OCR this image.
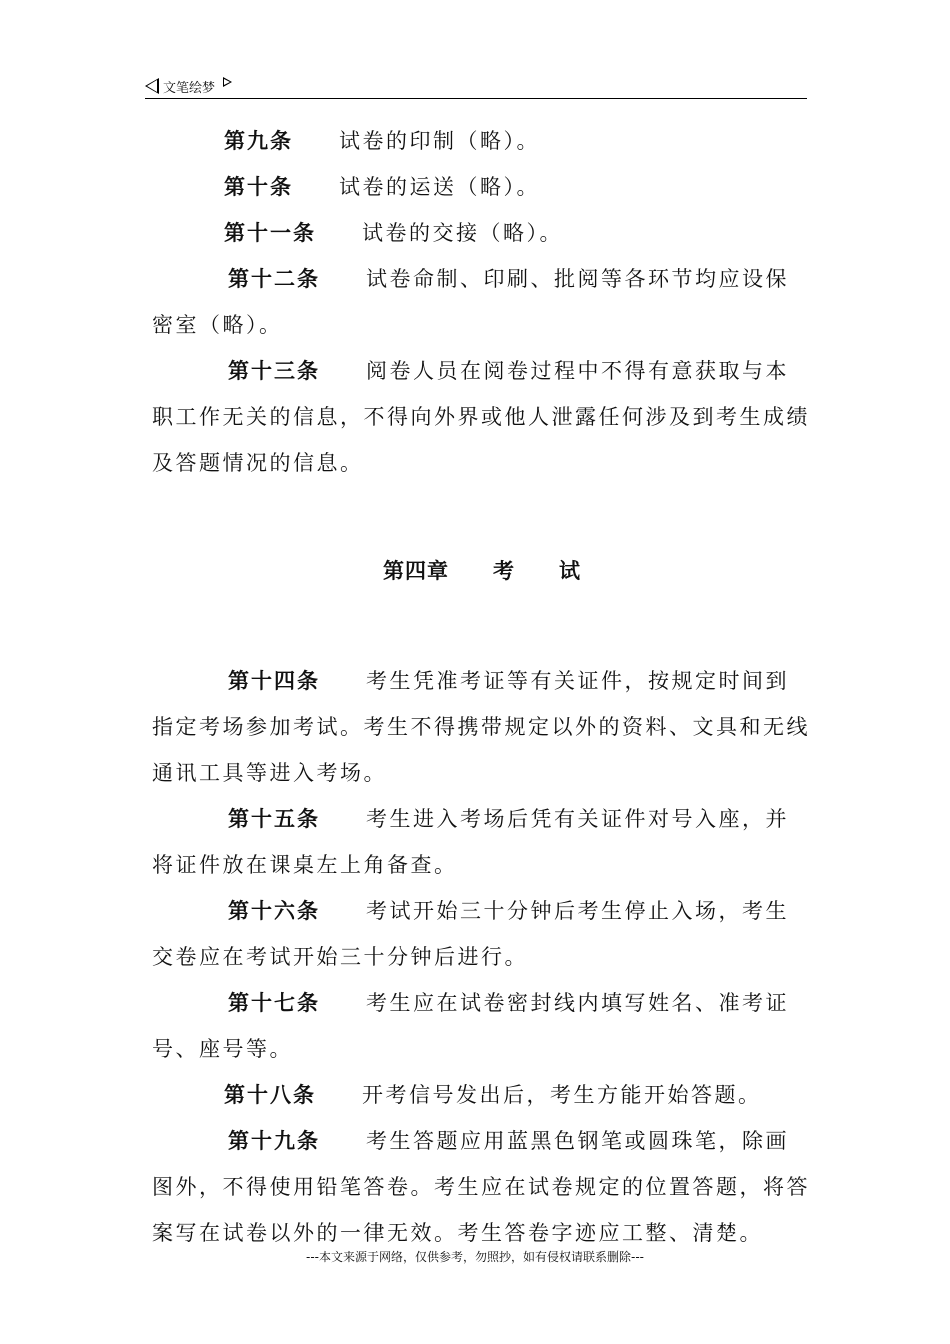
文笔绘梦

第九条 试卷的印制（略）。

第十条 试卷的运送（略）。

第十一条 试卷的交接（略）。

第十二条 试卷命制、印刷、批阅等各环节均应设保密室（略）。

第十三条 阅卷人员在阅卷过程中不得有意获取与本职工作无关的信息，不得向外界或他人泄露任何涉及到考生成绩及答题情况的信息。

第四章 考 试

第十四条 考生凭准考证等有关证件，按规定时间到指定考场参加考试。考生不得携带规定以外的资料、文具和无线通讯工具等进入考场。

第十五条 考生进入考场后凭有关证件对号入座，并将证件放在课桌左上角备查。

第十六条 考试开始三十分钟后考生停止入场，考生交卷应在考试开始三十分钟后进行。

第十七条 考生应在试卷密封线内填写姓名、准考证号、座号等。

第十八条 开考信号发出后，考生方能开始答题。

第十九条 考生答题应用蓝黑色钢笔或圆珠笔，除画图外，不得使用铅笔答卷。考生应在试卷规定的位置答题，将答案写在试卷以外的一律无效。考生答卷字迹应工整、清楚。

---本文来源于网络，仅供参考，勿照抄，如有侵权请联系删除---
